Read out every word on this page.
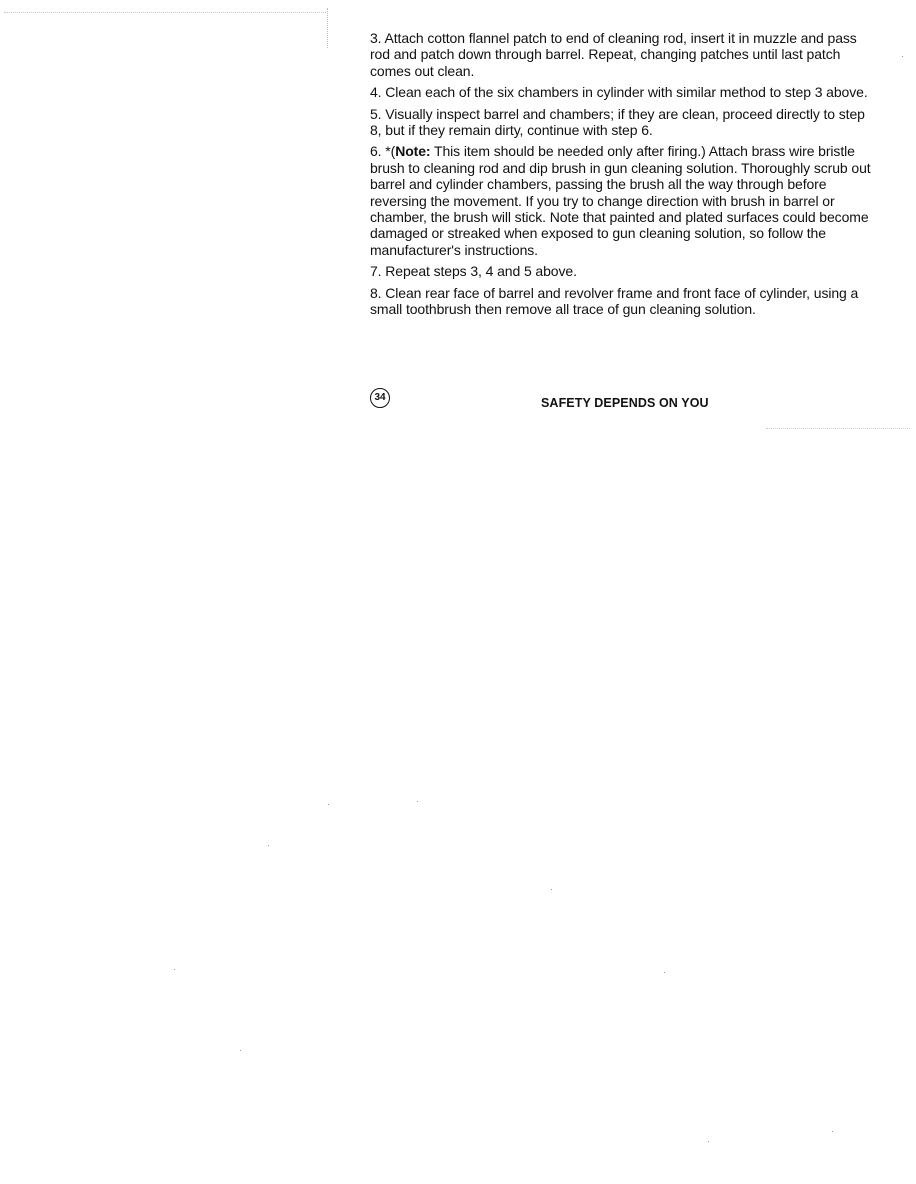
3. Attach cotton flannel patch to end of cleaning rod, insert it in muzzle and pass rod and patch down through barrel. Repeat, changing patches until last patch comes out clean.

4. Clean each of the six chambers in cylinder with similar method to step 3 above.

5. Visually inspect barrel and chambers; if they are clean, proceed directly to step 8, but if they remain dirty, continue with step 6.

6. *(Note: This item should be needed only after firing.) Attach brass wire bristle brush to cleaning rod and dip brush in gun cleaning solution. Thoroughly scrub out barrel and cylinder chambers, passing the brush all the way through before reversing the movement. If you try to change direction with brush in barrel or chamber, the brush will stick. Note that painted and plated surfaces could become damaged or streaked when exposed to gun cleaning solution, so follow the manufacturer's instructions.

7. Repeat steps 3, 4 and 5 above.

8. Clean rear face of barrel and revolver frame and front face of cylinder, using a small toothbrush then remove all trace of gun cleaning solution.

34	SAFETY DEPENDS ON YOU
